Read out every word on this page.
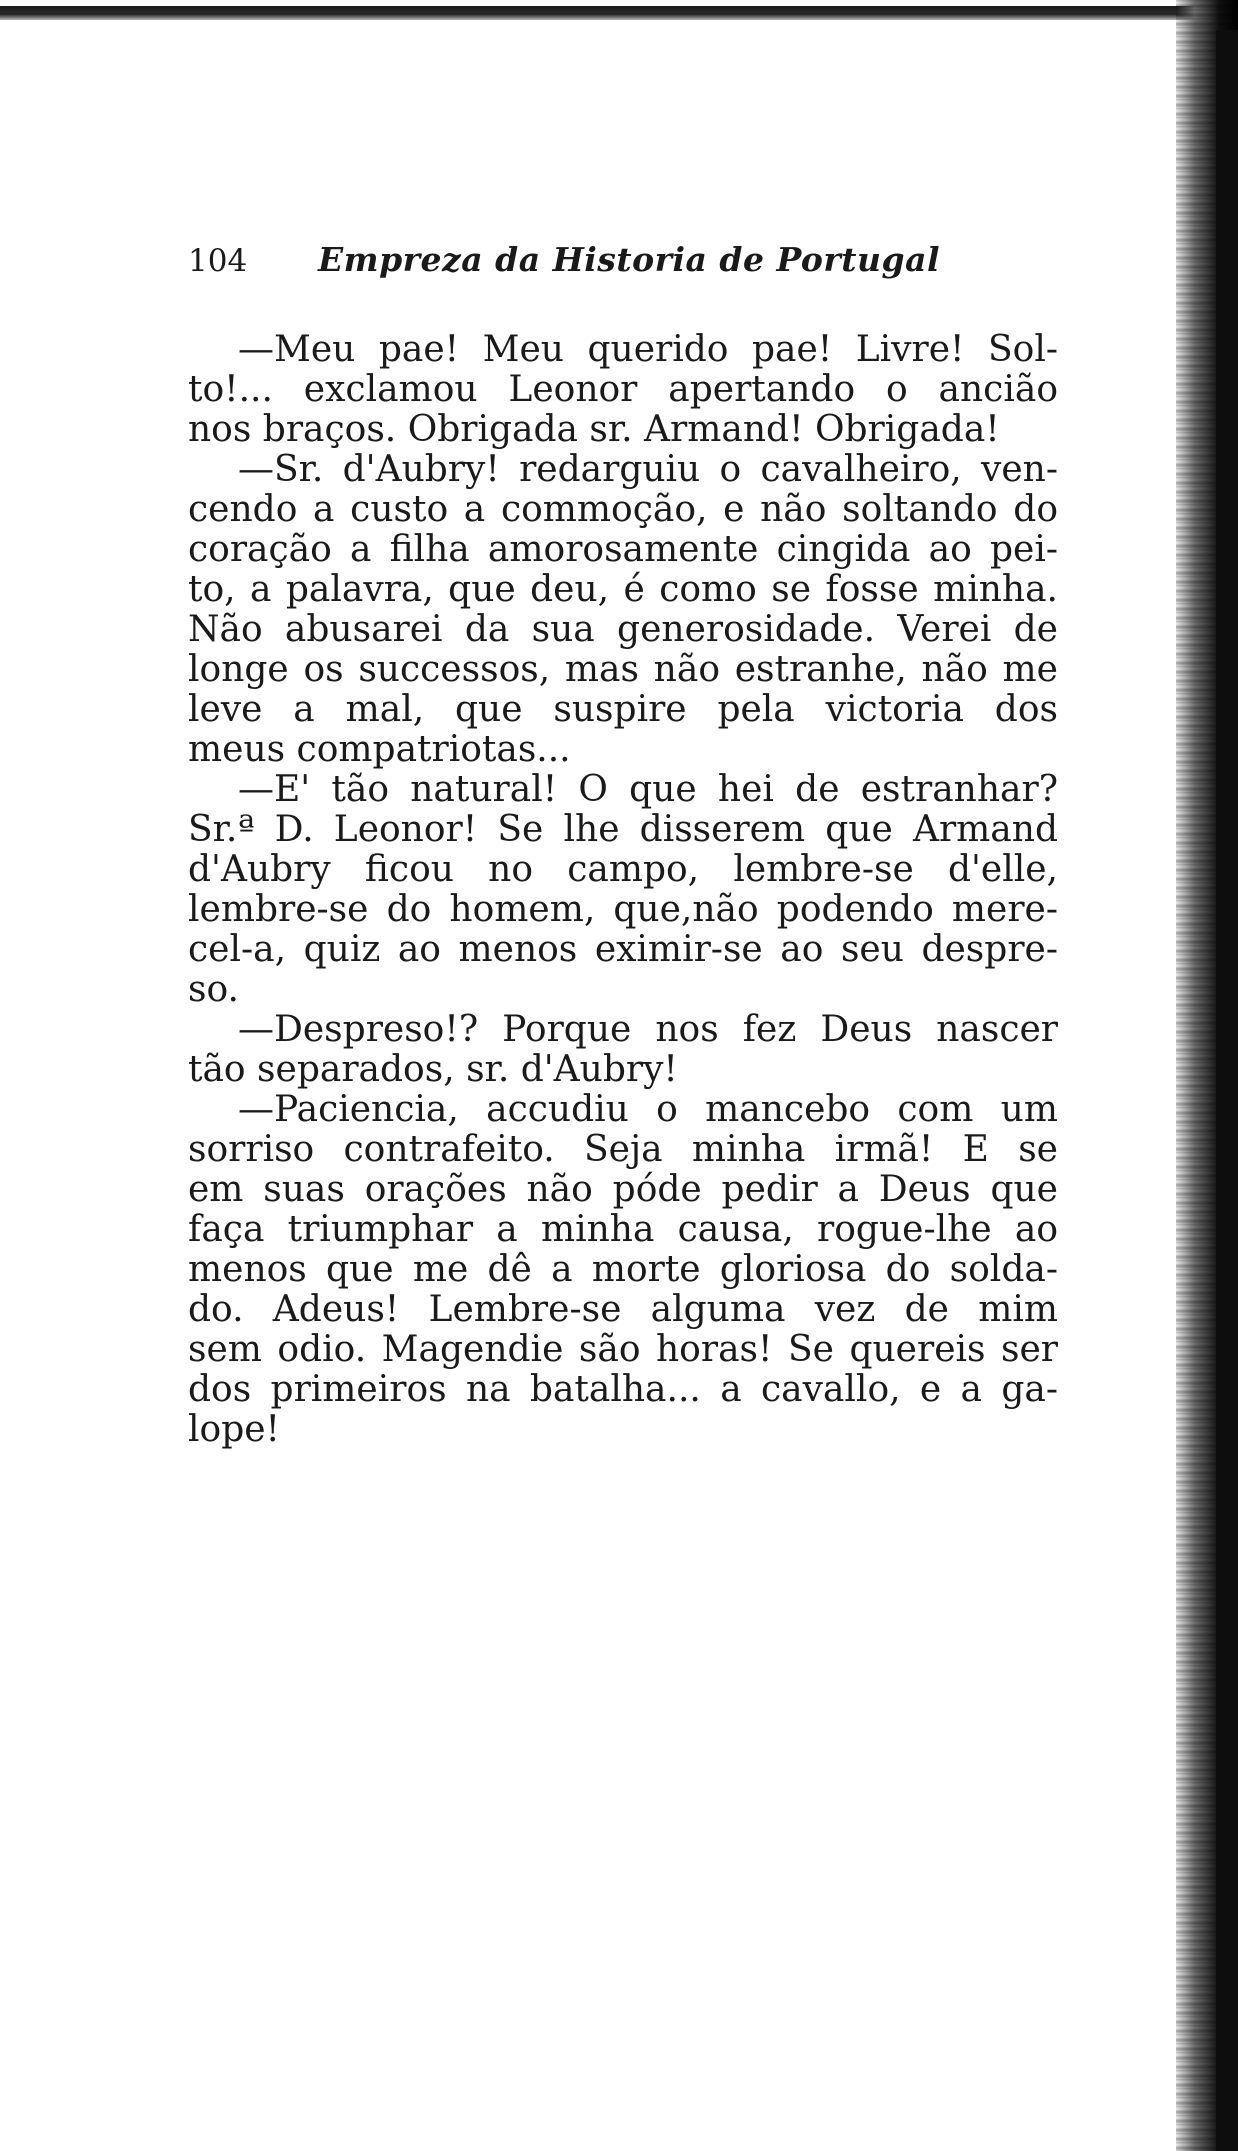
104	Empreza da Historia de Portugal
—Meu pae! Meu querido pae! Livre! Sol-
to!... exclamou Leonor apertando o ancião
nos braços. Obrigada sr. Armand! Obrigada!
—Sr. d'Aubry! redarguiu o cavalheiro, ven-
cendo a custo a commoção, e não soltando do
coração a filha amorosamente cingida ao pei-
to, a palavra, que deu, é como se fosse minha.
Não abusarei da sua generosidade. Verei de
longe os successos, mas não estranhe, não me
leve a mal, que suspire pela victoria dos
meus compatriotas...
—E' tão natural! O que hei de estranhar?
Sr.ª D. Leonor! Se lhe disserem que Armand
d'Aubry ficou no campo, lembre-se d'elle,
lembre-se do homem, que,não podendo mere-
cel-a, quiz ao menos eximir-se ao seu despre-
so.
—Despreso!? Porque nos fez Deus nascer
tão separados, sr. d'Aubry!
—Paciencia, accudiu o mancebo com um
sorriso contrafeito. Seja minha irmã! E se
em suas orações não póde pedir a Deus que
faça triumphar a minha causa, rogue-lhe ao
menos que me dê a morte gloriosa do solda-
do. Adeus! Lembre-se alguma vez de mim
sem odio. Magendie são horas! Se quereis ser
dos primeiros na batalha... a cavallo, e a ga-
lope!
